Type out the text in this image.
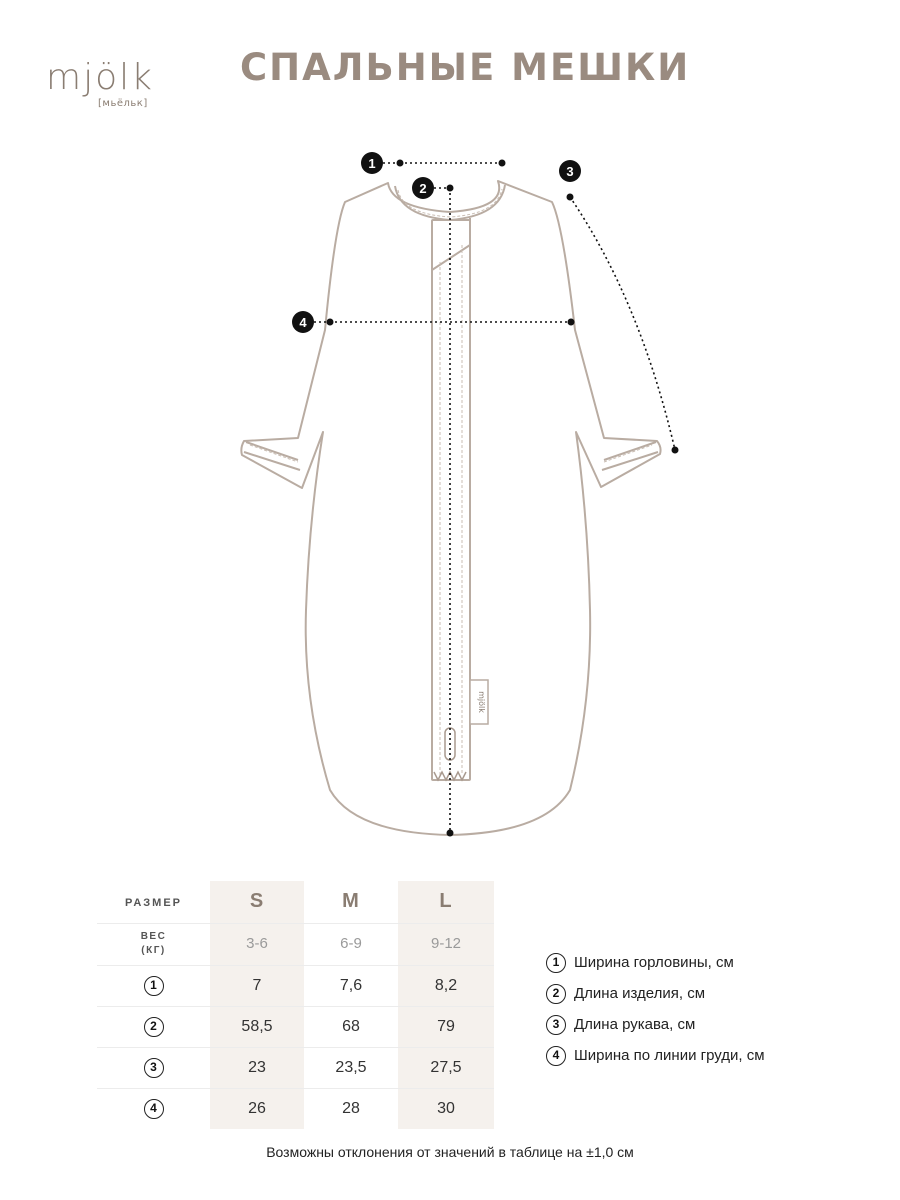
mjölk
[мьёльк]
СПАЛЬНЫЕ МЕШКИ
mjölk
1
2
3
4
РАЗМЕР	S	M	L

ВЕС
(КГ)	3-6	6-9	9-12
1	7	7,6	8,2
2	58,5	68	79
3	23	23,5	27,5
4	26	28	30
1 Ширина горловины, см
2 Длина изделия, см
3 Длина рукава, см
4 Ширина по линии груди, см
Возможны отклонения от значений в таблице на ±1,0 см
